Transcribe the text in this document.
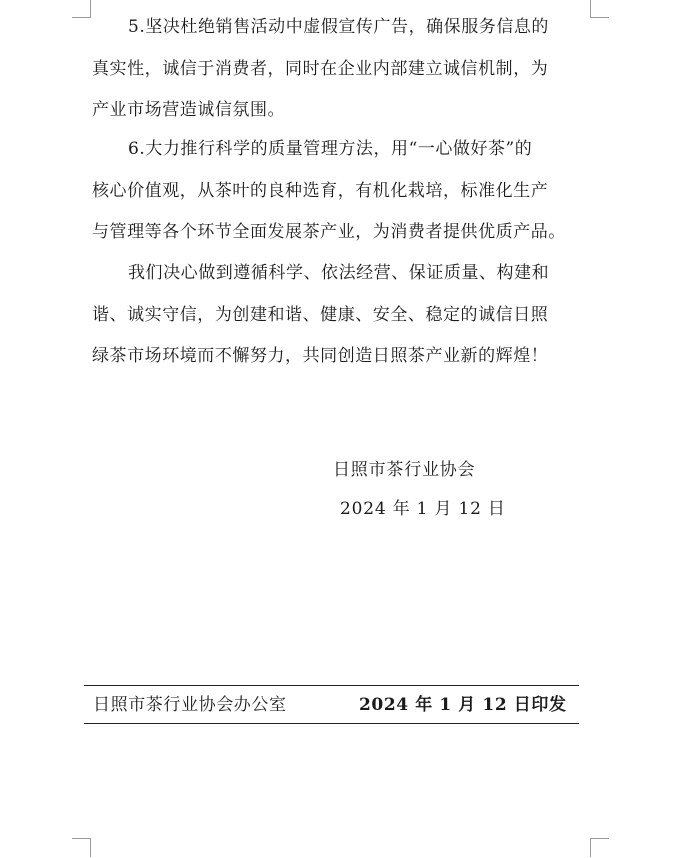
5.坚决杜绝销售活动中虚假宣传广告，确保服务信息的
真实性，诚信于消费者，同时在企业内部建立诚信机制，为
产业市场营造诚信氛围。

6.大力推行科学的质量管理方法，用“一心做好茶”的
核心价值观，从茶叶的良种选育，有机化栽培，标准化生产
与管理等各个环节全面发展茶产业，为消费者提供优质产品。

我们决心做到遵循科学、依法经营、保证质量、构建和
谐、诚实守信，为创建和谐、健康、安全、稳定的诚信日照
绿茶市场环境而不懈努力，共同创造日照茶产业新的辉煌！

日照市茶行业协会
2024 年 1 月 12 日
日照市茶行业协会办公室	2024 年 1 月 12 日印发
